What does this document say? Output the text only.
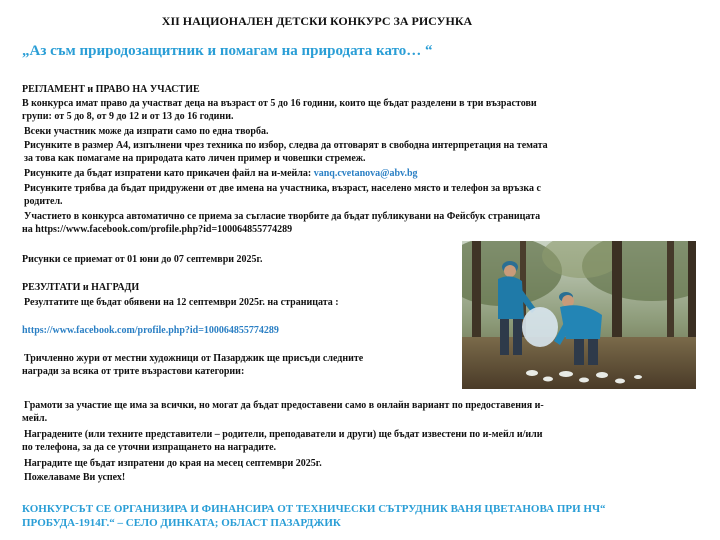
XII НАЦИОНАЛЕН ДЕТСКИ КОНКУРС ЗА РИСУНКА
„Аз съм природозащитник и помагам на природата като… “
РЕГЛАМЕНТ и ПРАВО НА УЧАСТИЕ
В конкурса имат право да участват деца на възраст от 5 до 16 години, които ще бъдат разделени в три възрастови
групи: от 5 до 8, от 9 до 12 и от 13 до 16 години.
Всеки участник може да изпрати само по една творба.
Рисунките в размер А4, изпълнени чрез техника по избор, следва да отговарят в свободна интерпретация на темата
за това как помагаме на природата като личен пример и човешки стремеж.
Рисунките да бъдат изпратени като прикачен файл на и-мейла: vanq.cvetanova@abv.bg
Рисунките трябва да бъдат придружени от две имена на участника, възраст, населено място и телефон за връзка с
родител.
Участието в конкурса автоматично се приема за съгласие творбите да бъдат публикувани на Фейсбук страницата
на https://www.facebook.com/profile.php?id=100064855774289
Рисунки се приемат от 01 юни до 07 септември 2025г.
РЕЗУЛТАТИ и НАГРАДИ
Резултатите ще бъдат обявени на 12 септември 2025г. на страницата :
https://www.facebook.com/profile.php?id=100064855774289
Тричленно жури от местни художници от Пазарджик ще присъди следните
награди за всяка от трите възрастови категории:
Грамоти за участие ще има за всички, но могат да бъдат предоставени само в онлайн вариант по предоставения и-
мейл.
Наградените (или техните представители – родители, преподаватели и други) ще бъдат известени по и-мейл и/или
по телефона, за да се уточни изпращането на наградите.
Наградите ще бъдат изпратени до края на месец септември 2025г.
Пожелаваме Ви успех!
КОНКУРСЪТ СЕ ОРГАНИЗИРА И ФИНАНСИРА ОТ ТЕХНИЧЕСКИ СЪТРУДНИК ВАНЯ ЦВЕТАНОВА ПРИ НЧ“
ПРОБУДА-1914Г.“ – СЕЛО ДИНКАТА; ОБЛАСТ ПАЗАРДЖИК
